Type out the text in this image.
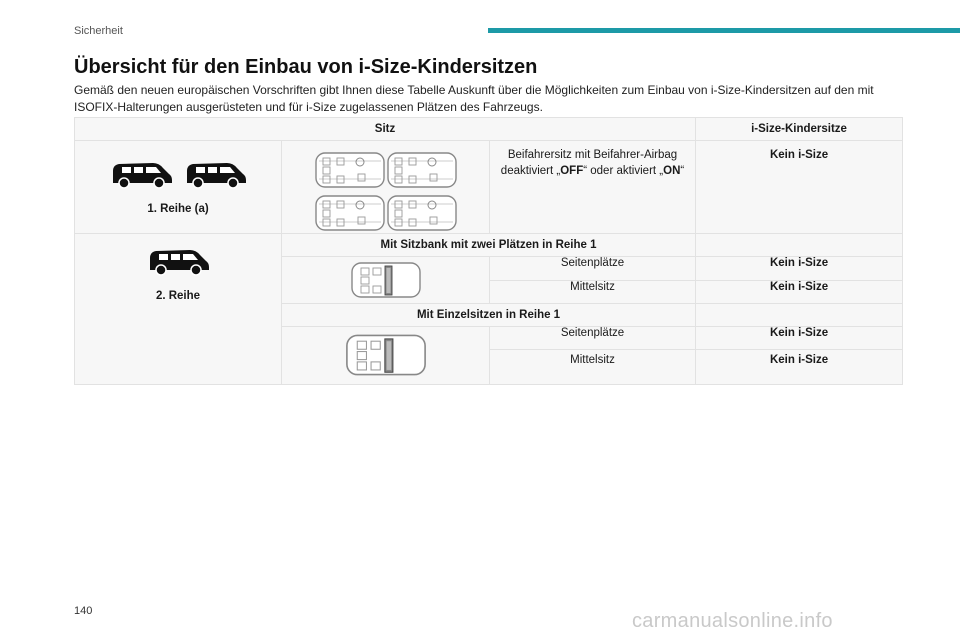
Sicherheit
Übersicht für den Einbau von i-Size-Kindersitzen
Gemäß den neuen europäischen Vorschriften gibt Ihnen diese Tabelle Auskunft über die Möglichkeiten zum Einbau von i-Size-Kindersitzen auf den mit ISOFIX-Halterungen ausgerüsteten und für i-Size zugelassenen Plätzen des Fahrzeugs.
Sitz			i-Size-Kindersitze

1. Reihe (a)		Beifahrersitz mit Beifahrer-Airbag deaktiviert „OFF“ oder aktiviert „ON“	Kein i-Size

2. Reihe	Mit Sitzbank mit zwei Plätzen in Reihe 1		

	Seitenplätze	Kein i-Size
		Mittelsitz	Kein i-Size
	Mit Einzelsitzen in Reihe 1		

	Seitenplätze	Kein i-Size
		Mittelsitz	Kein i-Size
140	carmanualsonline.info
